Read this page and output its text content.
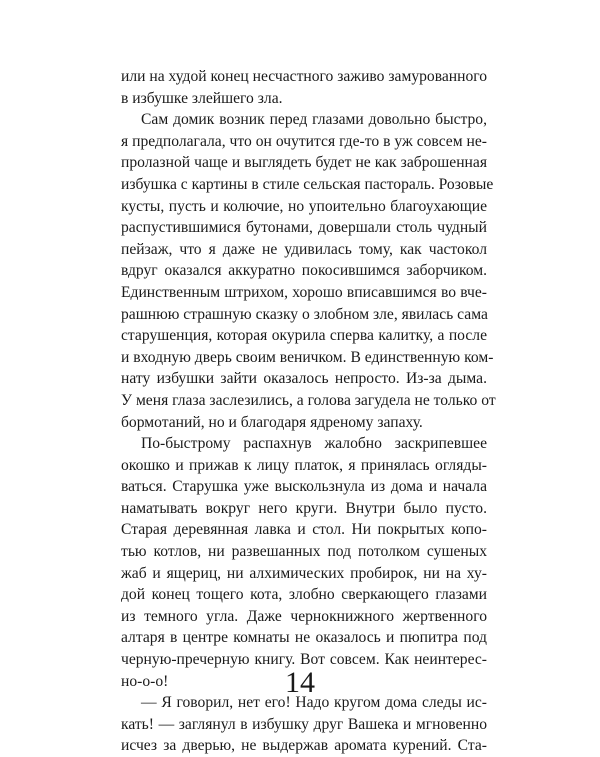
или на худой конец несчастного заживо замурованного
в избушке злейшего зла.
Сам домик возник перед глазами довольно быстро,
я предполагала, что он очутится где-то в уж совсем не-
пролазной чаще и выглядеть будет не как заброшенная
избушка с картины в стиле сельская пастораль. Розовые
кусты, пусть и колючие, но упоительно благоухающие
распустившимися бутонами, довершали столь чудный
пейзаж, что я даже не удивилась тому, как частокол
вдруг оказался аккуратно покосившимся заборчиком.
Единственным штрихом, хорошо вписавшимся во вче-
рашнюю страшную сказку о злобном зле, явилась сама
старушенция, которая окурила сперва калитку, а после
и входную дверь своим веничком. В единственную ком-
нату избушки зайти оказалось непросто. Из-за дыма.
У меня глаза заслезились, а голова загудела не только от
бормотаний, но и благодаря ядреному запаху.
По-быстрому распахнув жалобно заскрипевшее
окошко и прижав к лицу платок, я принялась огляды-
ваться. Старушка уже выскользнула из дома и начала
наматывать вокруг него круги. Внутри было пусто.
Старая деревянная лавка и стол. Ни покрытых копо-
тью котлов, ни развешанных под потолком сушеных
жаб и ящериц, ни алхимических пробирок, ни на ху-
дой конец тощего кота, злобно сверкающего глазами
из темного угла. Даже чернокнижного жертвенного
алтаря в центре комнаты не оказалось и пюпитра под
черную-пречерную книгу. Вот совсем. Как неинтерес-
но-о-о!
— Я говорил, нет его! Надо кругом дома следы ис-
кать! — заглянул в избушку друг Вашека и мгновенно
исчез за дверью, не выдержав аромата курений. Ста-
14
